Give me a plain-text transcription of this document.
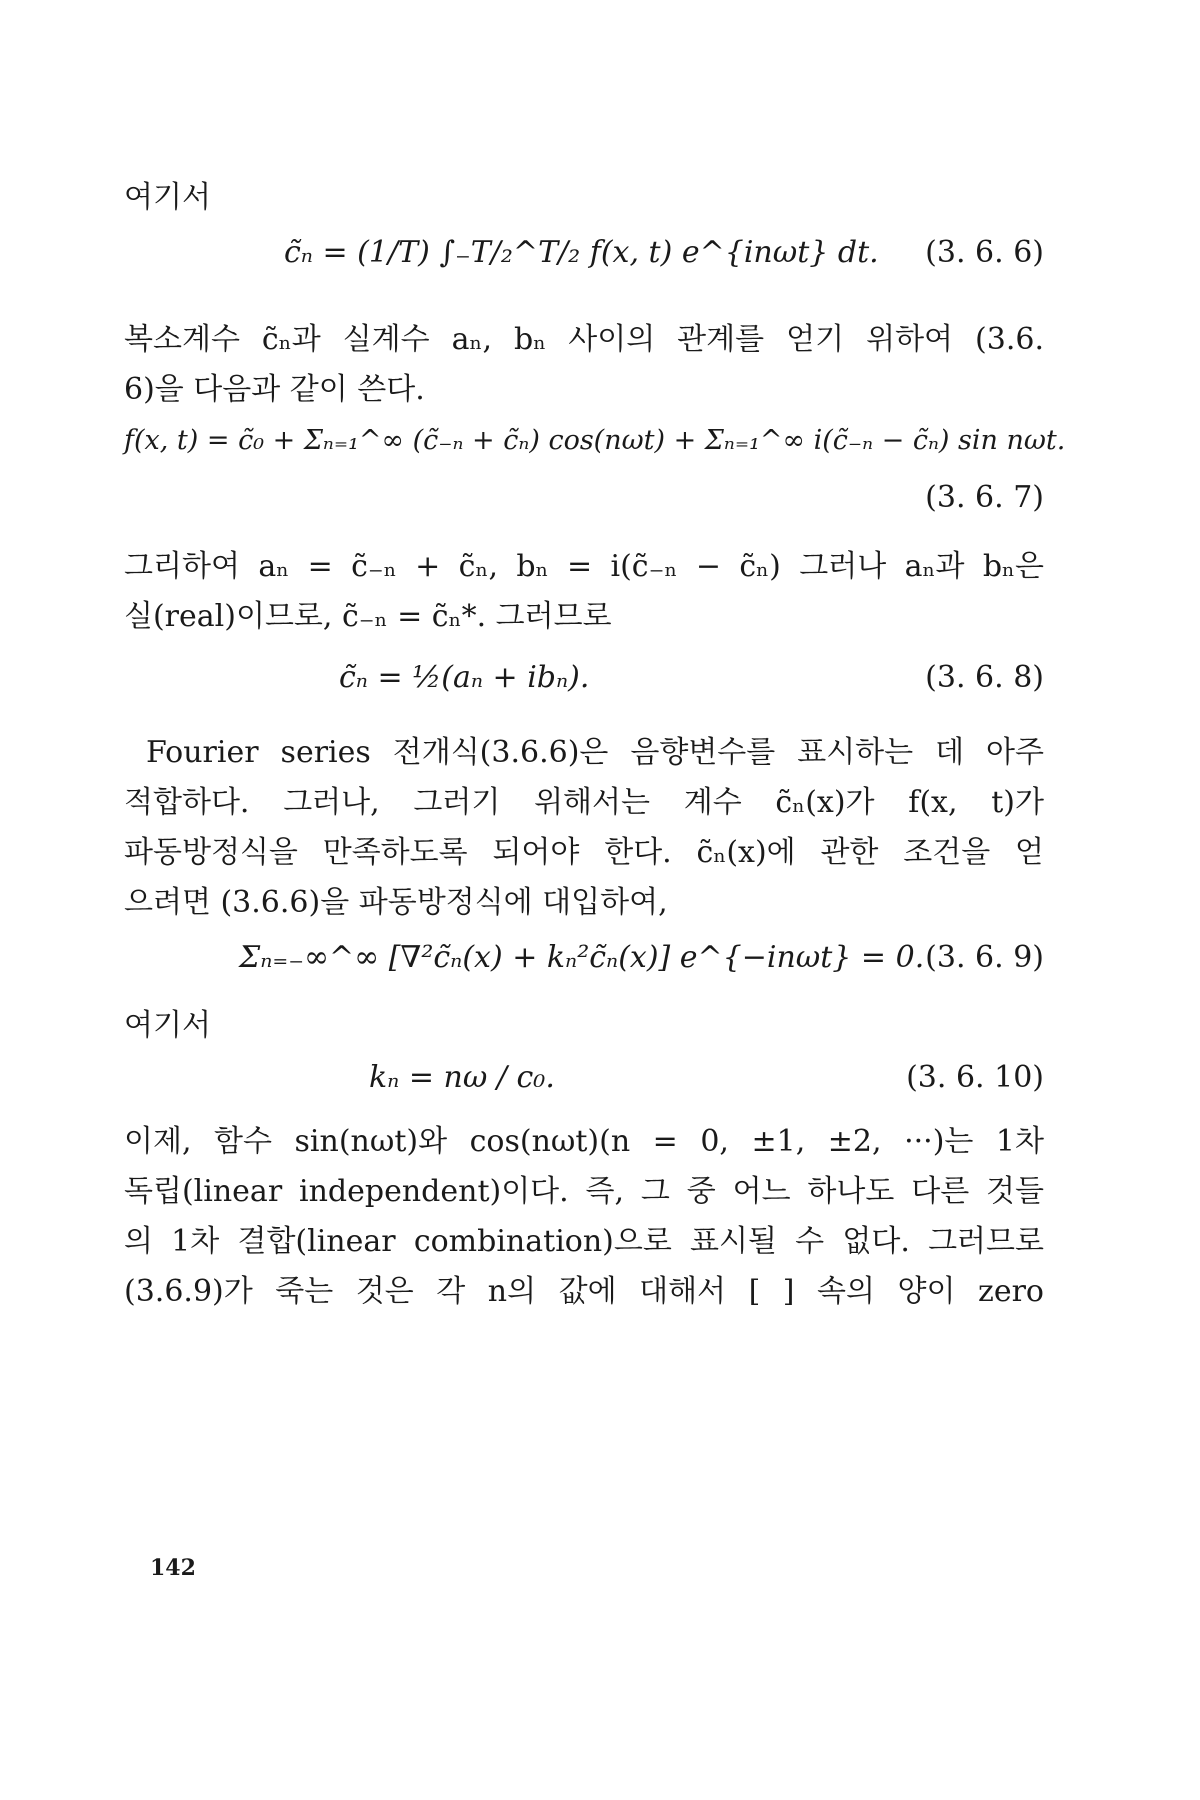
여기서
c̃ₙ = (1/T) ∫₋T/₂^T/₂ f(x, t) e^{inωt} dt. (3. 6. 6)
복소계수 c̃ₙ과 실계수 aₙ, bₙ 사이의 관계를 얻기 위하여 (3.6.
6)을 다음과 같이 쓴다.
f(x, t) = c̃₀ + Σₙ₌₁^∞ (c̃₋ₙ + c̃ₙ) cos(nωt) + Σₙ₌₁^∞ i(c̃₋ₙ − c̃ₙ) sin nωt.
(3. 6. 7)
그리하여 aₙ = c̃₋ₙ + c̃ₙ, bₙ = i(c̃₋ₙ − c̃ₙ) 그러나 aₙ과 bₙ은
실(real)이므로, c̃₋ₙ = c̃ₙ*. 그러므로
c̃ₙ = ½(aₙ + ibₙ).	(3. 6. 8)
Fourier series 전개식(3.6.6)은 음향변수를 표시하는 데 아주
적합하다. 그러나, 그러기 위해서는 계수 c̃ₙ(x)가 f(x, t)가
파동방정식을 만족하도록 되어야 한다. c̃ₙ(x)에 관한 조건을 얻
으려면 (3.6.6)을 파동방정식에 대입하여,
Σₙ₌₋∞^∞ [∇²c̃ₙ(x) + kₙ²c̃ₙ(x)] e^{−inωt} = 0. (3. 6. 9)
여기서
kₙ = nω / c₀.	(3. 6. 10)
이제, 함수 sin(nωt)와 cos(nωt)(n = 0, ±1, ±2, ···)는 1차
독립(linear independent)이다. 즉, 그 중 어느 하나도 다른 것들
의 1차 결합(linear combination)으로 표시될 수 없다. 그러므로
(3.6.9)가 죽는 것은 각 n의 값에 대해서 [ ] 속의 양이 zero
142
